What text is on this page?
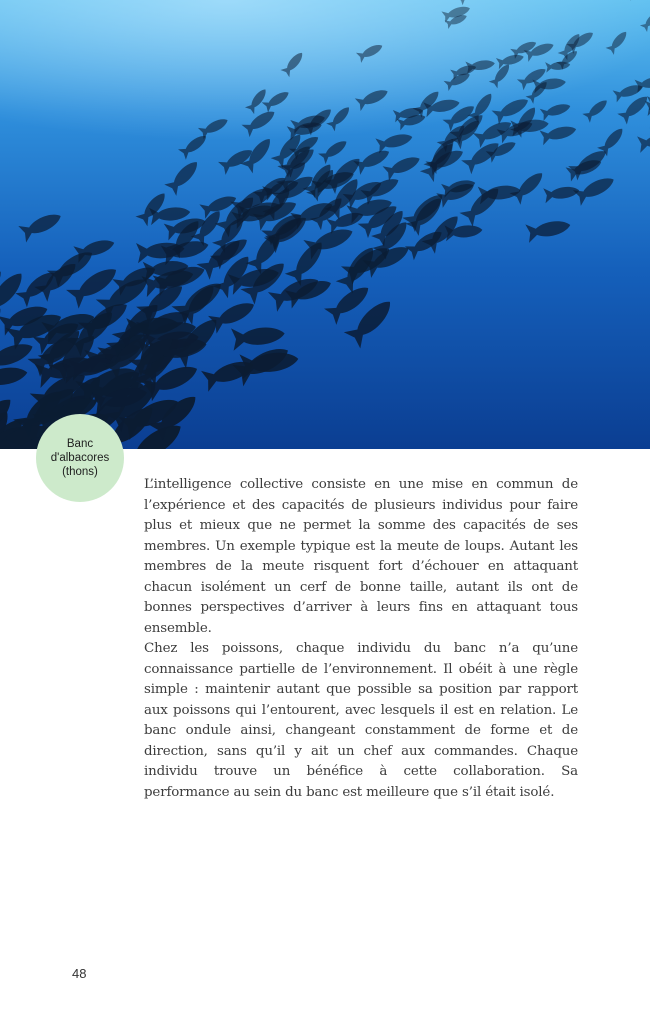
Banc d'albacores (thons)

L’intelligence collective consiste en une mise en commun de l’expérience et des capacités de plusieurs individus pour faire plus et mieux que ne permet la somme des capacités de ses membres. Un exemple typique est la meute de loups. Autant les membres de la meute risquent fort d’échouer en attaquant chacun isolément un cerf de bonne taille, autant ils ont de bonnes perspectives d’arriver à leurs fins en attaquant tous ensemble.

Chez les poissons, chaque individu du banc n’a qu’une connaissance partielle de l’environnement. Il obéit à une règle simple : maintenir autant que possible sa position par rapport aux poissons qui l’entourent, avec lesquels il est en relation. Le banc ondule ainsi, changeant constamment de forme et de direction, sans qu’il y ait un chef aux commandes. Chaque individu trouve un bénéfice à cette collaboration. Sa performance au sein du banc est meilleure que s’il était isolé.

48
